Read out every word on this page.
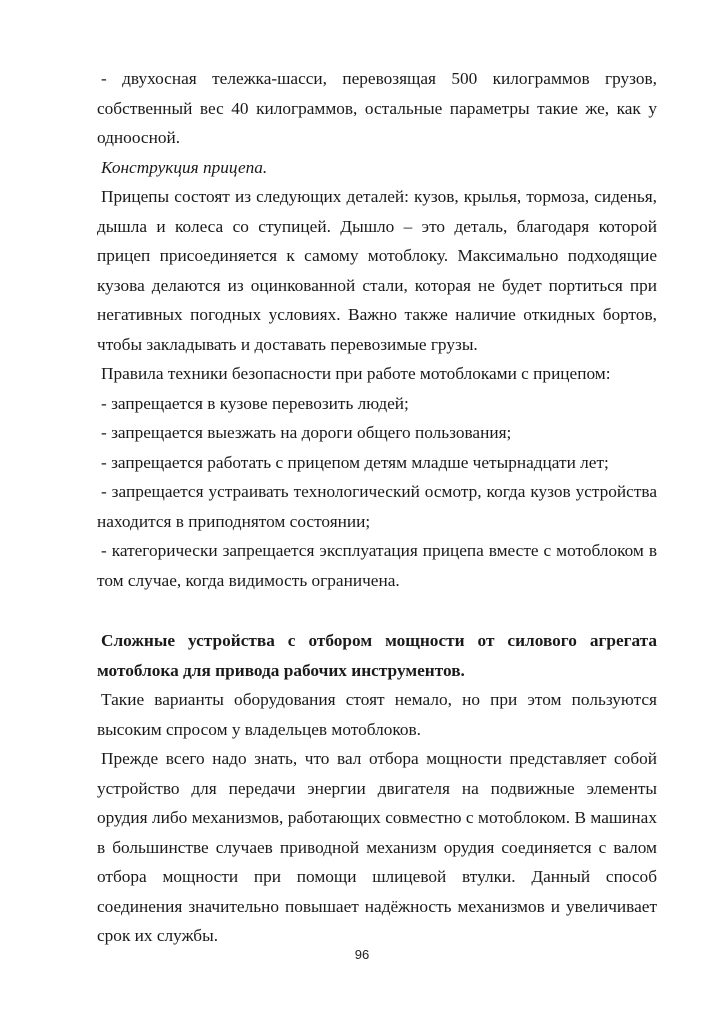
- двухосная тележка-шасси, перевозящая 500 килограммов грузов, собственный вес 40 килограммов, остальные параметры такие же, как у одноосной.

Конструкция прицепа.

Прицепы состоят из следующих деталей: кузов, крылья, тормоза, сиденья, дышла и колеса со ступицей. Дышло – это деталь, благодаря которой прицеп присоединяется к самому мотоблоку. Максимально подходящие кузова делаются из оцинкованной стали, которая не будет портиться при негативных погодных условиях. Важно также наличие откидных бортов, чтобы закладывать и доставать перевозимые грузы.

Правила техники безопасности при работе мотоблоками с прицепом:

- запрещается в кузове перевозить людей;

- запрещается выезжать на дороги общего пользования;

- запрещается работать с прицепом детям младше четырнадцати лет;

- запрещается устраивать технологический осмотр, когда кузов устройства находится в приподнятом состоянии;

- категорически запрещается эксплуатация прицепа вместе с мотоблоком в том случае, когда видимость ограничена.

Сложные устройства с отбором мощности от силового агрегата мотоблока для привода рабочих инструментов.

Такие варианты оборудования стоят немало, но при этом пользуются высоким спросом у владельцев мотоблоков.

Прежде всего надо знать, что вал отбора мощности представляет собой устройство для передачи энергии двигателя на подвижные элементы орудия либо механизмов, работающих совместно с мотоблоком. В машинах в большинстве случаев приводной механизм орудия соединяется с валом отбора мощности при помощи шлицевой втулки. Данный способ соединения значительно повышает надёжность механизмов и увеличивает срок их службы.

96
